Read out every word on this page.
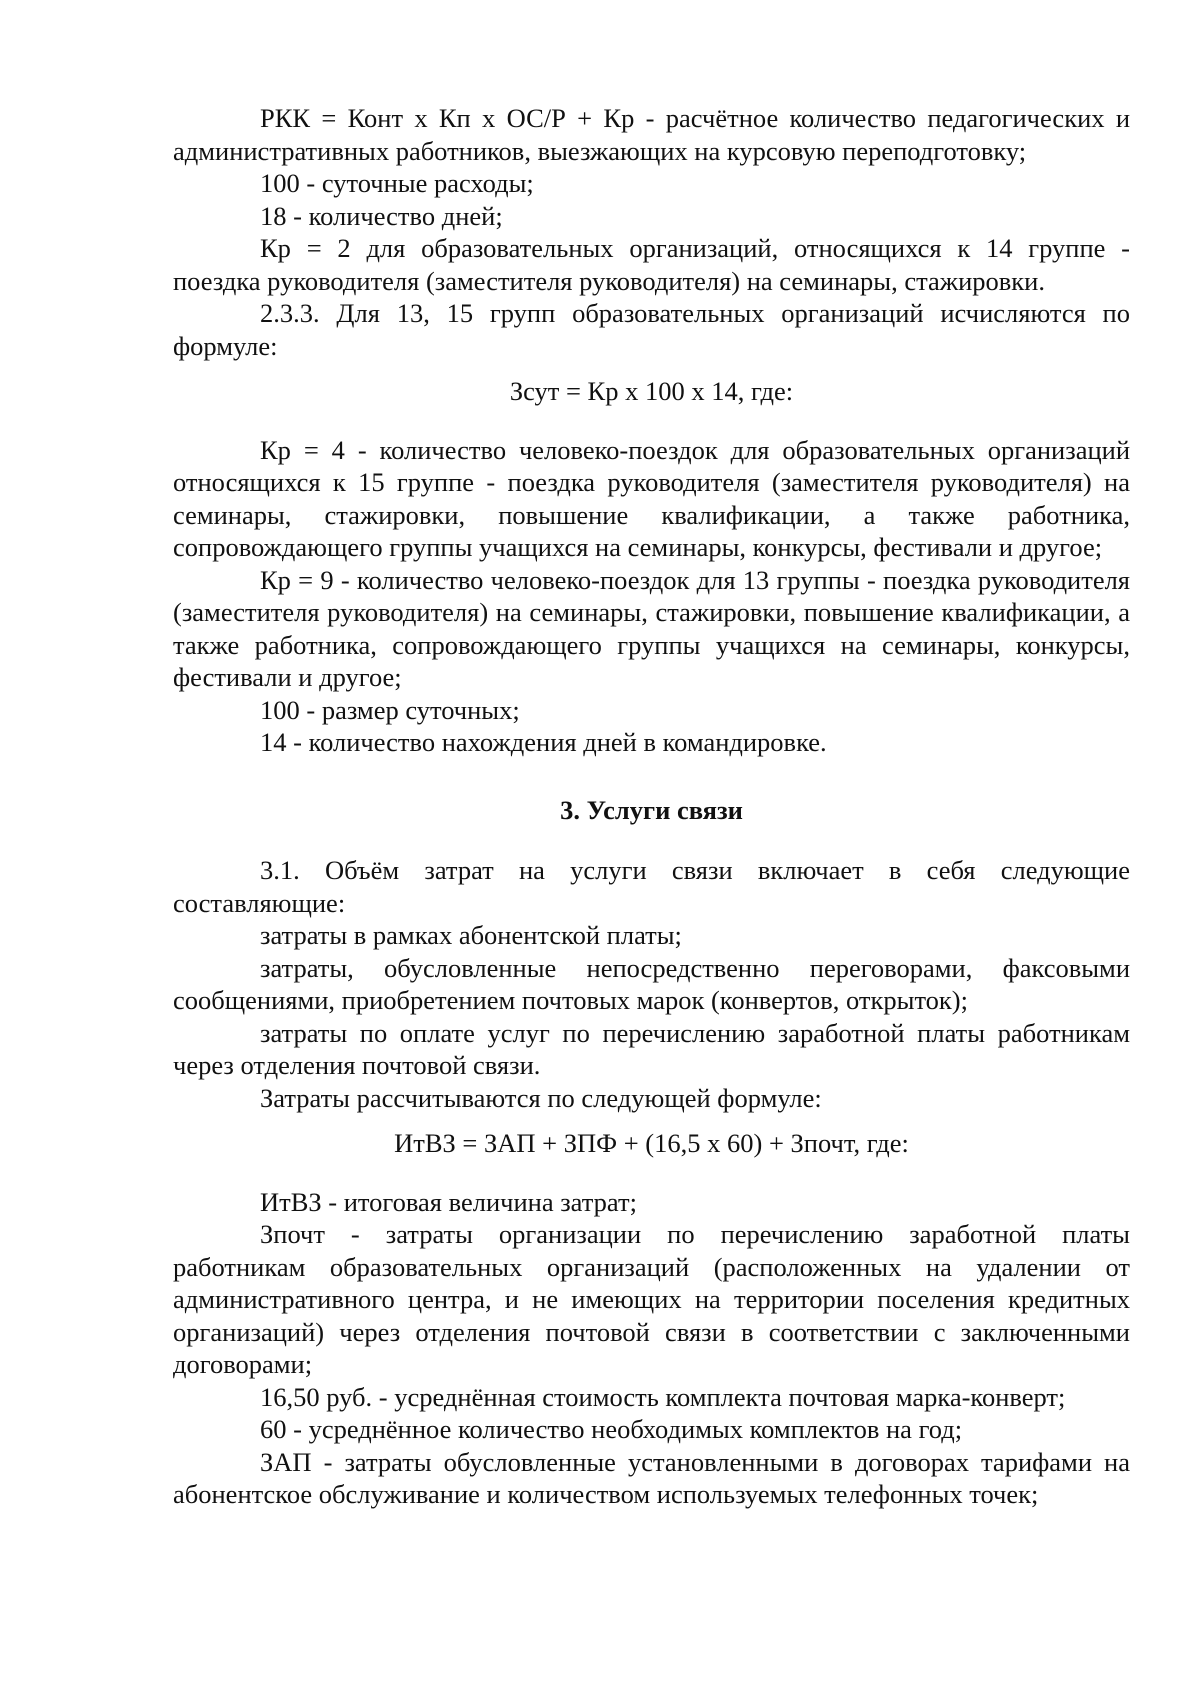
РКК = Конт х Кп х ОС/Р + Кр - расчётное количество педагогических и административных работников, выезжающих на курсовую переподготовку;

100 - суточные расходы;

18 - количество дней;

Кр = 2 для образовательных организаций, относящихся к 14 группе - поездка руководителя (заместителя руководителя) на семинары, стажировки.

2.3.3. Для 13, 15 групп образовательных организаций исчисляются по формуле:

Зсут = Кр х 100 х 14, где:

Кр = 4 - количество человеко-поездок для образовательных организаций относящихся к 15 группе - поездка руководителя (заместителя руководителя) на семинары, стажировки, повышение квалификации, а также работника, сопровождающего группы учащихся на семинары, конкурсы, фестивали и другое;

Кр = 9 - количество человеко-поездок для 13 группы - поездка руководителя (заместителя руководителя) на семинары, стажировки, повышение квалификации, а также работника, сопровождающего группы учащихся на семинары, конкурсы, фестивали и другое;

100 - размер суточных;

14 - количество нахождения дней в командировке.

3. Услуги связи

3.1. Объём затрат на услуги связи включает в себя следующие составляющие:

затраты в рамках абонентской платы;

затраты, обусловленные непосредственно переговорами, факсовыми сообщениями, приобретением почтовых марок (конвертов, открыток);

затраты по оплате услуг по перечислению заработной платы работникам через отделения почтовой связи.

Затраты рассчитываются по следующей формуле:

ИтВЗ = ЗАП + ЗПФ + (16,5 х 60) + Зпочт, где:

ИтВЗ - итоговая величина затрат;

Зпочт - затраты организации по перечислению заработной платы работникам образовательных организаций (расположенных на удалении от административного центра, и не имеющих на территории поселения кредитных организаций) через отделения почтовой связи в соответствии с заключенными договорами;

16,50 руб. - усреднённая стоимость комплекта почтовая марка-конверт;

60 - усреднённое количество необходимых комплектов на год;

ЗАП - затраты обусловленные установленными в договорах тарифами на абонентское обслуживание и количеством используемых телефонных точек;
